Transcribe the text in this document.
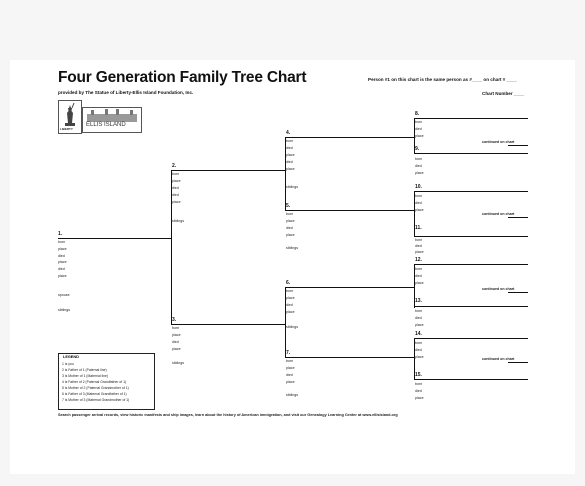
Four Generation Family Tree Chart
provided by The Statue of Liberty-Ellis Island Foundation, Inc.
Person #1 on this chart is the same person as #____ on chart # ____
Chart Number ____
LIBERTY
ELLIS ISLAND
1.
born
place
died
place
died
place
spouse
siblings
2.
born
place
died
died
place
siblings
3.
born
place
died
place
siblings
4.
born
died
place
died
place
siblings
5.
born
place
died
place
siblings
6.
born
place
died
place
siblings
7.
born
place
died
place
siblings
8.
born
died
place
9.
born
died
place
continued on chart
10.
born
died
place
11.
born
died
place
continued on chart
12.
born
died
place
13.
born
died
place
continued on chart
14.
born
died
place
15.
born
died
place
continued on chart
LEGEND
1 is you
2 is Father of 1 (Paternal line)
3 is Mother of 1 (Maternal line)
4 is Father of 2 (Paternal Grandfather of 1)
5 is Mother of 2 (Paternal Grandmother of 1)
6 is Father of 3 (Maternal Grandfather of 1)
7 is Mother of 3 (Maternal Grandmother of 1)
Search passenger arrival records, view historic manifests and ship images, learn about the history of American immigration, and visit our Genealogy Learning Center at www.ellisisland.org
